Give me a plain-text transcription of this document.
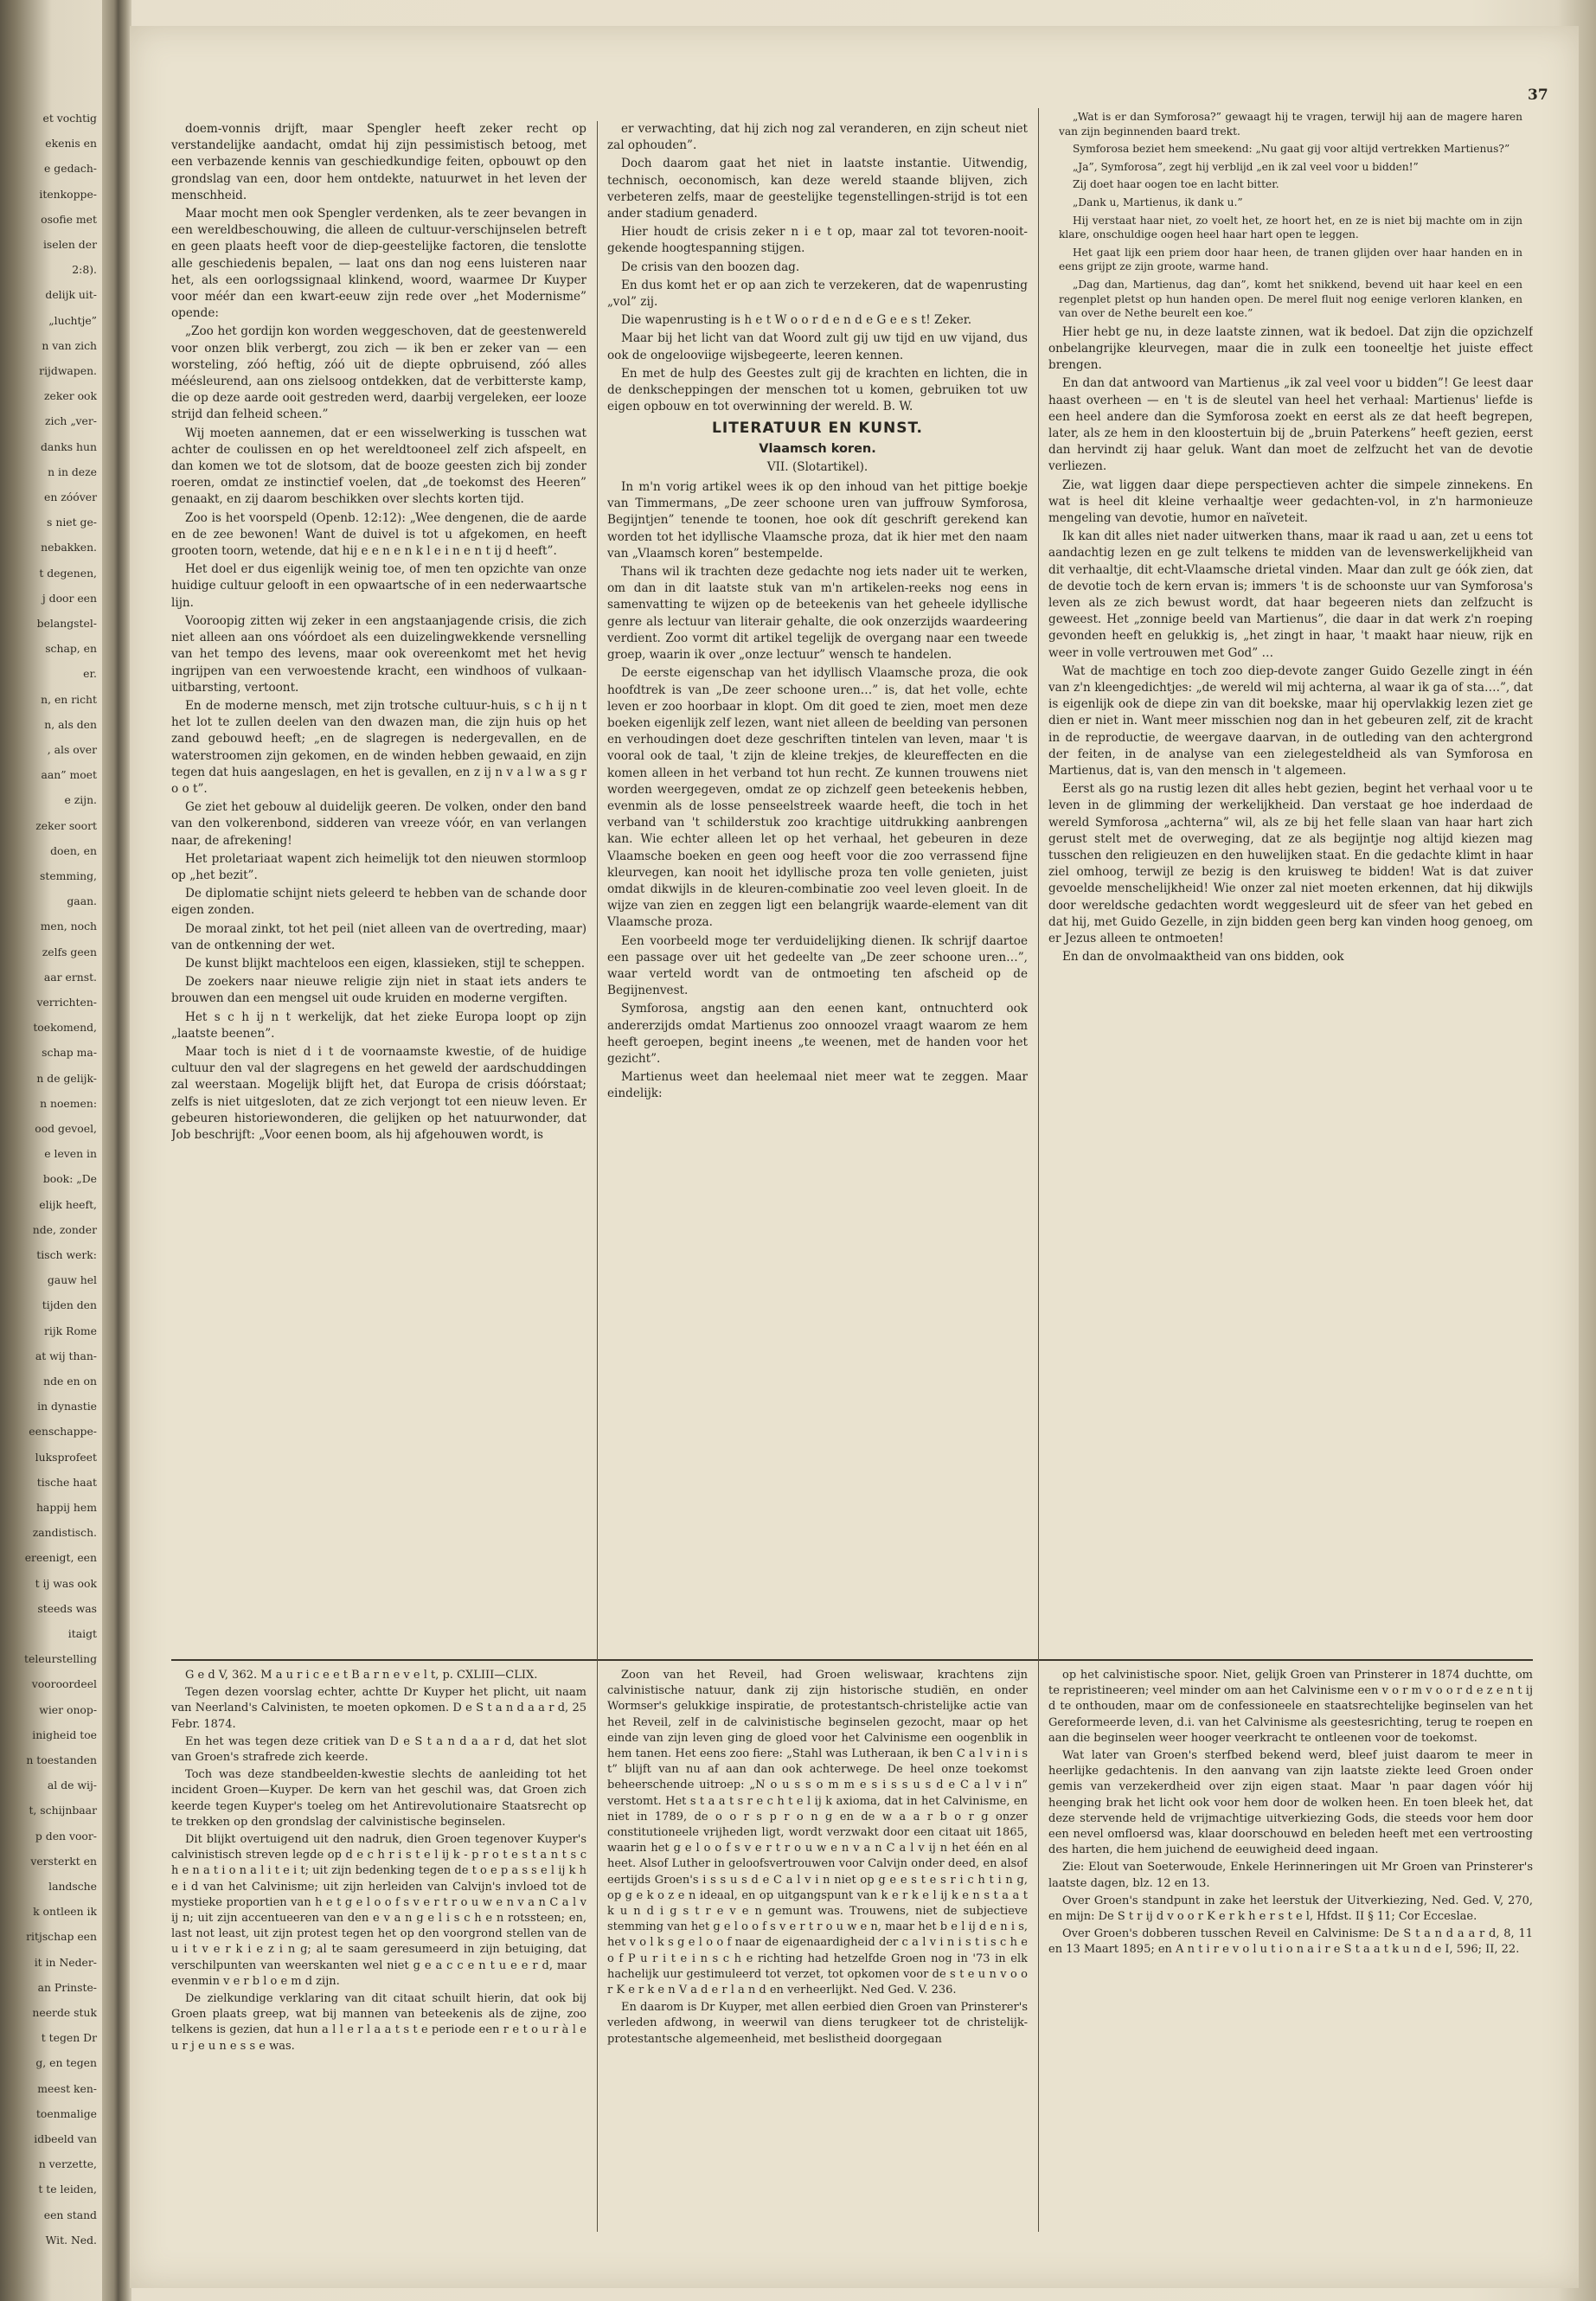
et vochtig
ekenis en
e gedach-
itenkoppe-
osofie met
iselen der
2:8).
delijk uit-
„luchtje”
n van zich
rijdwapen.
zeker ook
zich „ver-
danks hun
n in deze
en zóóver
s niet ge-
nebakken.
t degenen,
j door een
belangstel-
schap, en
er.
n, en richt
n, als den
, als over
aan” moet
e zijn.
zeker soort
doen, en
stemming,
gaan.
men, noch
zelfs geen
aar ernst.
verrichten-
toekomend,
schap ma-
n de gelijk-
n noemen:
ood gevoel,
e leven in
book: „De
elijk heeft,
nde, zonder
tisch werk:
gauw hel
tijden den
rijk Rome
at wij than-
nde en on
in dynastie
eenschappe-
luksprofeet
tische haat
happij hem
zandistisch.
ereenigt, een
t ij was ook
steeds was
itaigt
teleurstelling
vooroordeel
wier onop-
inigheid toe
n toestanden
al de wij-
t, schijnbaar
p den voor-
versterkt en
landsche
k ontleen ik
ritjschap een
it in Neder-
an Prinste-
neerde stuk
t tegen Dr
g, en tegen
meest ken-
toenmalige
idbeeld van
n verzette,
t te leiden,
een stand
Wit. Ned.
37

doem-vonnis drijft, maar Spengler heeft zeker recht op verstandelijke aandacht, omdat hij zijn pessimistisch betoog, met een verbazende kennis van geschiedkundige feiten, opbouwt op den grondslag van een, door hem ontdekte, natuurwet in het leven der menschheid.

Maar mocht men ook Spengler verdenken, als te zeer bevangen in een wereldbeschouwing, die alleen de cultuur-verschijnselen betreft en geen plaats heeft voor de diep-geestelijke factoren, die tenslotte alle geschiedenis bepalen, — laat ons dan nog eens luisteren naar het, als een oorlogssignaal klinkend, woord, waarmee Dr Kuyper voor méér dan een kwart-eeuw zijn rede over „het Modernisme” opende:

„Zoo het gordijn kon worden weggeschoven, dat de geestenwereld voor onzen blik verbergt, zou zich — ik ben er zeker van — een worsteling, zóó heftig, zóó uit de diepte opbruisend, zóó alles méésleurend, aan ons zielsoog ontdekken, dat de verbitterste kamp, die op deze aarde ooit gestreden werd, daarbij vergeleken, eer looze strijd dan felheid scheen.”

Wij moeten aannemen, dat er een wisselwerking is tusschen wat achter de coulissen en op het wereldtooneel zelf zich afspeelt, en dan komen we tot de slotsom, dat de booze geesten zich bij zonder roeren, omdat ze instinctief voelen, dat „de toekomst des Heeren” genaakt, en zij daarom beschikken over slechts korten tijd.

Zoo is het voorspeld (Openb. 12:12): „Wee dengenen, die de aarde en de zee bewonen! Want de duivel is tot u afgekomen, en heeft grooten toorn, wetende, dat hij e e n e n k l e i n e n t ij d heeft”.

Het doel er dus eigenlijk weinig toe, of men ten opzichte van onze huidige cultuur gelooft in een opwaartsche of in een nederwaartsche lijn.

Vooroopig zitten wij zeker in een angstaanjagende crisis, die zich niet alleen aan ons vóórdoet als een duizelingwekkende versnelling van het tempo des levens, maar ook overeenkomt met het hevig ingrijpen van een verwoestende kracht, een windhoos of vulkaan-uitbarsting, vertoont.

En de moderne mensch, met zijn trotsche cultuur-huis, s c h ij n t het lot te zullen deelen van den dwazen man, die zijn huis op het zand gebouwd heeft; „en de slagregen is nedergevallen, en de waterstroomen zijn gekomen, en de winden hebben gewaaid, en zijn tegen dat huis aangeslagen, en het is gevallen, en z ij n v a l w a s g r o o t”.

Ge ziet het gebouw al duidelijk geeren. De volken, onder den band van den volkerenbond, sidderen van vreeze vóór, en van verlangen naar, de afrekening!

Het proletariaat wapent zich heimelijk tot den nieuwen stormloop op „het bezit”.

De diplomatie schijnt niets geleerd te hebben van de schande door eigen zonden.

De moraal zinkt, tot het peil (niet alleen van de overtreding, maar) van de ontkenning der wet.

De kunst blijkt machteloos een eigen, klassieken, stijl te scheppen.

De zoekers naar nieuwe religie zijn niet in staat iets anders te brouwen dan een mengsel uit oude kruiden en moderne vergiften.

Het s c h ij n t werkelijk, dat het zieke Europa loopt op zijn „laatste beenen”.

Maar toch is niet d i t de voornaamste kwestie, of de huidige cultuur den val der slagregens en het geweld der aardschuddingen zal weerstaan. Mogelijk blijft het, dat Europa de crisis dóórstaat; zelfs is niet uitgesloten, dat ze zich verjongt tot een nieuw leven. Er gebeuren historiewonderen, die gelijken op het natuurwonder, dat Job beschrijft: „Voor eenen boom, als hij afgehouwen wordt, is

er verwachting, dat hij zich nog zal veranderen, en zijn scheut niet zal ophouden”.

Doch daarom gaat het niet in laatste instantie. Uitwendig, technisch, oeconomisch, kan deze wereld staande blijven, zich verbeteren zelfs, maar de geestelijke tegenstellingen-strijd is tot een ander stadium genaderd.

Hier houdt de crisis zeker n i e t op, maar zal tot tevoren-nooit-gekende hoogtespanning stijgen.

De crisis van den boozen dag.

En dus komt het er op aan zich te verzekeren, dat de wapenrusting „vol” zij.

Die wapenrusting is h e t W o o r d e n d e G e e s t! Zeker.

Maar bij het licht van dat Woord zult gij uw tijd en uw vijand, dus ook de ongelooviige wijsbegeerte, leeren kennen.

En met de hulp des Geestes zult gij de krachten en lichten, die in de denkscheppingen der menschen tot u komen, gebruiken tot uw eigen opbouw en tot overwinning der wereld. B. W.

LITERATUUR EN KUNST.
Vlaamsch koren.
VII. (Slotartikel).

In m'n vorig artikel wees ik op den inhoud van het pittige boekje van Timmermans, „De zeer schoone uren van juffrouw Symforosa, Begijntjen” tenende te toonen, hoe ook dít geschrift gerekend kan worden tot het idyllische Vlaamsche proza, dat ik hier met den naam van „Vlaamsch koren” bestempelde.

Thans wil ik trachten deze gedachte nog iets nader uit te werken, om dan in dit laatste stuk van m'n artikelen-reeks nog eens in samenvatting te wijzen op de beteekenis van het geheele idyllische genre als lectuur van literair gehalte, die ook onzerzijds waardeering verdient. Zoo vormt dit artikel tegelijk de overgang naar een tweede groep, waarin ik over „onze lectuur” wensch te handelen.

De eerste eigenschap van het idyllisch Vlaamsche proza, die ook hoofdtrek is van „De zeer schoone uren…” is, dat het volle, echte leven er zoo hoorbaar in klopt. Om dit goed te zien, moet men deze boeken eigenlijk zelf lezen, want niet alleen de beelding van personen en verhoudingen doet deze geschriften tintelen van leven, maar 't is vooral ook de taal, 't zijn de kleine trekjes, de kleureffecten en die komen alleen in het verband tot hun recht. Ze kunnen trouwens niet worden weergegeven, omdat ze op zichzelf geen beteekenis hebben, evenmin als de losse penseelstreek waarde heeft, die toch in het verband van 't schilderstuk zoo krachtige uitdrukking aanbrengen kan. Wie echter alleen let op het verhaal, het gebeuren in deze Vlaamsche boeken en geen oog heeft voor die zoo verrassend fijne kleurvegen, kan nooit het idyllische proza ten volle genieten, juist omdat dikwijls in de kleuren-combinatie zoo veel leven gloeit. In de wijze van zien en zeggen ligt een belangrijk waarde-element van dit Vlaamsche proza.

Een voorbeeld moge ter verduidelijking dienen. Ik schrijf daartoe een passage over uit het gedeelte van „De zeer schoone uren…”, waar verteld wordt van de ontmoeting ten afscheid op de Begijnenvest.

Symforosa, angstig aan den eenen kant, ontnuchterd ook andererzijds omdat Martienus zoo onnoozel vraagt waarom ze hem heeft geroepen, begint ineens „te weenen, met de handen voor het gezicht”.

Martienus weet dan heelemaal niet meer wat te zeggen. Maar eindelijk:

„Wat is er dan Symforosa?” gewaagt hij te vragen, terwijl hij aan de magere haren van zijn beginnenden baard trekt.

Symforosa beziet hem smeekend: „Nu gaat gij voor altijd vertrekken Martienus?”

„Ja”, Symforosa”, zegt hij verblijd „en ik zal veel voor u bidden!”

Zij doet haar oogen toe en lacht bitter.

„Dank u, Martienus, ik dank u.”

Hij verstaat haar niet, zo voelt het, ze hoort het, en ze is niet bij machte om in zijn klare, onschuldige oogen heel haar hart open te leggen.

Het gaat lijk een priem door haar heen, de tranen glijden over haar handen en in eens grijpt ze zijn groote, warme hand.

„Dag dan, Martienus, dag dan”, komt het snikkend, bevend uit haar keel en een regenplet pletst op hun handen open. De merel fluit nog eenige verloren klanken, en van over de Nethe beurelt een koe.”

Hier hebt ge nu, in deze laatste zinnen, wat ik bedoel. Dat zijn die opzichzelf onbelangrijke kleurvegen, maar die in zulk een tooneeltje het juiste effect brengen.

En dan dat antwoord van Martienus „ik zal veel voor u bidden”! Ge leest daar haast overheen — en 't is de sleutel van heel het verhaal: Martienus' liefde is een heel andere dan die Symforosa zoekt en eerst als ze dat heeft begrepen, later, als ze hem in den kloostertuin bij de „bruin Paterkens” heeft gezien, eerst dan hervindt zij haar geluk. Want dan moet de zelfzucht het van de devotie verliezen.

Zie, wat liggen daar diepe perspectieven achter die simpele zinnekens. En wat is heel dit kleine verhaaltje weer gedachten-vol, in z'n harmonieuze mengeling van devotie, humor en naïveteit.

Ik kan dit alles niet nader uitwerken thans, maar ik raad u aan, zet u eens tot aandachtig lezen en ge zult telkens te midden van de levenswerkelijkheid van dit verhaaltje, dit echt-Vlaamsche drietal vinden. Maar dan zult ge óók zien, dat de devotie toch de kern ervan is; immers 't is de schoonste uur van Symforosa's leven als ze zich bewust wordt, dat haar begeeren niets dan zelfzucht is geweest. Het „zonnige beeld van Martienus”, die daar in dat werk z'n roeping gevonden heeft en gelukkig is, „het zingt in haar, 't maakt haar nieuw, rijk en weer in volle vertrouwen met God” …

Wat de machtige en toch zoo diep-devote zanger Guido Gezelle zingt in één van z'n kleengedichtjes: „de wereld wil mij achterna, al waar ik ga of sta….”, dat is eigenlijk ook de diepe zin van dit boekske, maar hij opervlakkig lezen ziet ge dien er niet in. Want meer misschien nog dan in het gebeuren zelf, zit de kracht in de reproductie, de weergave daarvan, in de outleding van den achtergrond der feiten, in de analyse van een zielegesteldheid als van Symforosa en Martienus, dat is, van den mensch in 't algemeen.

Eerst als go na rustig lezen dit alles hebt gezien, begint het verhaal voor u te leven in de glimming der werkelijkheid. Dan verstaat ge hoe inderdaad de wereld Symforosa „achterna” wil, als ze bij het felle slaan van haar hart zich gerust stelt met de overweging, dat ze als begijntje nog altijd kiezen mag tusschen den religieuzen en den huwelijken staat. En die gedachte klimt in haar ziel omhoog, terwijl ze bezig is den kruisweg te bidden! Wat is dat zuiver gevoelde menschelijkheid! Wie onzer zal niet moeten erkennen, dat hij dikwijls door wereldsche gedachten wordt weggesleurd uit de sfeer van het gebed en dat hij, met Guido Gezelle, in zijn bidden geen berg kan vinden hoog genoeg, om er Jezus alleen te ontmoeten!

En dan de onvolmaaktheid van ons bidden, ook

G e d V, 362. M a u r i c e e t B a r n e v e l t, p. CXLIII—CLIX.

Tegen dezen voorslag echter, achtte Dr Kuyper het plicht, uit naam van Neerland's Calvinisten, te moeten opkomen. D e S t a n d a a r d, 25 Febr. 1874.

En het was tegen deze critiek van D e S t a n d a a r d, dat het slot van Groen's strafrede zich keerde.

Toch was deze standbeelden-kwestie slechts de aanleiding tot het incident Groen—Kuyper. De kern van het geschil was, dat Groen zich keerde tegen Kuyper's toeleg om het Antirevolutionaire Staatsrecht op te trekken op den grondslag der calvinistische beginselen.

Dit blijkt overtuigend uit den nadruk, dien Groen tegenover Kuyper's calvinistisch streven legde op d e c h r i s t e l ij k - p r o t e s t a n t s c h e n a t i o n a l i t e i t; uit zijn bedenking tegen de t o e p a s s e l ij k h e i d van het Calvinisme; uit zijn herleiden van Calvijn's invloed tot de mystieke proportien van h e t g e l o o f s v e r t r o u w e n v a n C a l v ij n; uit zijn accentueeren van den e v a n g e l i s c h e n rotssteen; en, last not least, uit zijn protest tegen het op den voorgrond stellen van de u i t v e r k i e z i n g; al te saam geresumeerd in zijn betuiging, dat verschilpunten van weerskanten wel niet g e a c c e n t u e e r d, maar evenmin v e r b l o e m d zijn.

De zielkundige verklaring van dit citaat schuilt hierin, dat ook bij Groen plaats greep, wat bij mannen van beteekenis als de zijne, zoo telkens is gezien, dat hun a l l e r l a a t s t e periode een r e t o u r à l e u r j e u n e s s e was.

Zoon van het Reveil, had Groen weliswaar, krachtens zijn calvinistische natuur, dank zij zijn historische studiën, en onder Wormser's gelukkige inspiratie, de protestantsch-christelijke actie van het Reveil, zelf in de calvinistische beginselen gezocht, maar op het einde van zijn leven ging de gloed voor het Calvinisme een oogenblik in hem tanen. Het eens zoo fiere: „Stahl was Lutheraan, ik ben C a l v i n i s t” blijft van nu af aan dan ook achterwege. De heel onze toekomst beheerschende uitroep: „N o u s s o m m e s i s s u s d e C a l v i n” verstomt. Het s t a a t s r e c h t e l ij k axioma, dat in het Calvinisme, en niet in 1789, de o o r s p r o n g en de w a a r b o r g onzer constitutioneele vrijheden ligt, wordt verzwakt door een citaat uit 1865, waarin het g e l o o f s v e r t r o u w e n v a n C a l v ij n het één en al heet. Alsof Luther in geloofsvertrouwen voor Calvijn onder deed, en alsof eertijds Groen's i s s u s d e C a l v i n niet op g e e s t e s r i c h t i n g, op g e k o z e n ideaal, en op uitgangspunt van k e r k e l ij k e n s t a a t k u n d i g s t r e v e n gemunt was. Trouwens, niet de subjectieve stemming van het g e l o o f s v e r t r o u w e n, maar het b e l ij d e n i s, het v o l k s g e l o o f naar de eigenaardigheid der c a l v i n i s t i s c h e o f P u r i t e i n s c h e richting had hetzelfde Groen nog in '73 in elk hachelijk uur gestimuleerd tot verzet, tot opkomen voor de s t e u n v o o r K e r k e n V a d e r l a n d en verheerlijkt. Ned Ged. V. 236.

En daarom is Dr Kuyper, met allen eerbied dien Groen van Prinsterer's verleden afdwong, in weerwil van diens terugkeer tot de christelijk-protestantsche algemeenheid, met beslistheid doorgegaan

op het calvinistische spoor. Niet, gelijk Groen van Prinsterer in 1874 duchtte, om te repristineeren; veel minder om aan het Calvinisme een v o r m v o o r d e z e n t ij d te onthouden, maar om de confessioneele en staatsrechtelijke beginselen van het Gereformeerde leven, d.i. van het Calvinisme als geestesrichting, terug te roepen en aan die beginselen weer hooger veerkracht te ontleenen voor de toekomst.

Wat later van Groen's sterfbed bekend werd, bleef juist daarom te meer in heerlijke gedachtenis. In den aanvang van zijn laatste ziekte leed Groen onder gemis van verzekerdheid over zijn eigen staat. Maar 'n paar dagen vóór hij heenging brak het licht ook voor hem door de wolken heen. En toen bleek het, dat deze stervende held de vrijmachtige uitverkiezing Gods, die steeds voor hem door een nevel omfloersd was, klaar doorschouwd en beleden heeft met een vertroosting des harten, die hem juichend de eeuwigheid deed ingaan.

Zie: Elout van Soeterwoude, Enkele Herinneringen uit Mr Groen van Prinsterer's laatste dagen, blz. 12 en 13.

Over Groen's standpunt in zake het leerstuk der Uitverkiezing, Ned. Ged. V, 270, en mijn: De S t r ij d v o o r K e r k h e r s t e l, Hfdst. II § 11; Cor Ecceslae.

Over Groen's dobberen tusschen Reveil en Calvinisme: De S t a n d a a r d, 8, 11 en 13 Maart 1895; en A n t i r e v o l u t i o n a i r e S t a a t k u n d e I, 596; II, 22.
